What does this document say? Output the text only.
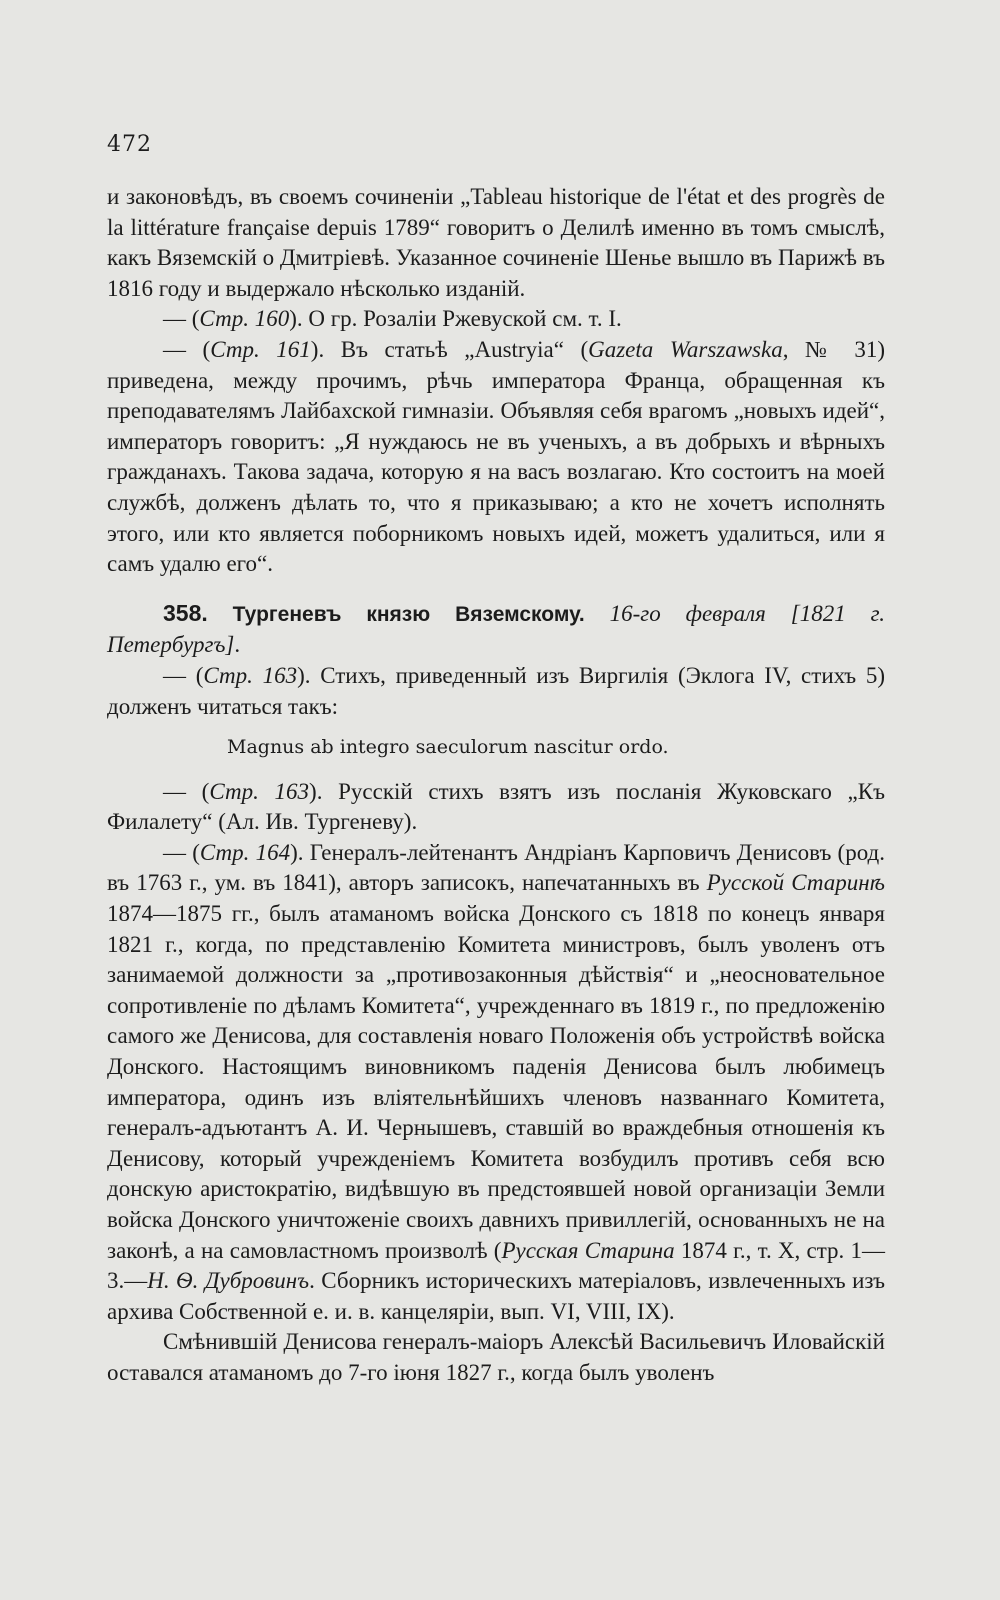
472

и законовѣдъ, въ своемъ сочиненіи „Tableau historique de l'état et des progrès de la littérature française depuis 1789“ говоритъ о Делилѣ именно въ томъ смыслѣ, какъ Вяземскій о Дмитріевѣ. Указанное сочиненіе Шенье вышло въ Парижѣ въ 1816 году и выдержало нѣсколько изданій.

— (Стр. 160). О гр. Розаліи Ржевуской см. т. I.

— (Стр. 161). Въ статьѣ „Austryia“ (Gazeta Warszawska, № 31) приведена, между прочимъ, рѣчь императора Франца, обращенная къ преподавателямъ Лайбахской гимназіи. Объявляя себя врагомъ „новыхъ идей“, императоръ говоритъ: „Я нуждаюсь не въ ученыхъ, а въ добрыхъ и вѣрныхъ гражданахъ. Такова задача, которую я на васъ возлагаю. Кто состоитъ на моей службѣ, долженъ дѣлать то, что я приказываю; а кто не хочетъ исполнять этого, или кто является поборникомъ новыхъ идей, можетъ удалиться, или я самъ удалю его“.

358. Тургеневъ князю Вяземскому. 16-го февраля [1821 г. Петербургъ].

— (Стр. 163). Стихъ, приведенный изъ Виргилія (Эклога IV, стихъ 5) долженъ читаться такъ:

Magnus ab integro saeculorum nascitur ordo.

— (Стр. 163). Русскій стихъ взятъ изъ посланія Жуковскаго „Къ Филалету“ (Ал. Ив. Тургеневу).

— (Стр. 164). Генералъ-лейтенантъ Андріанъ Карповичъ Денисовъ (род. въ 1763 г., ум. въ 1841), авторъ записокъ, напечатанныхъ въ Русской Старинѣ 1874—1875 гг., былъ атаманомъ войска Донского съ 1818 по конецъ января 1821 г., когда, по представленію Комитета министровъ, былъ уволенъ отъ занимаемой должности за „противозаконныя дѣйствія“ и „неосновательное сопротивленіе по дѣламъ Комитета“, учрежденнаго въ 1819 г., по предложенію самого же Денисова, для составленія новаго Положенія объ устройствѣ войска Донского. Настоящимъ виновникомъ паденія Денисова былъ любимецъ императора, одинъ изъ вліятельнѣйшихъ членовъ названнаго Комитета, генералъ-адъютантъ А. И. Чернышевъ, ставшій во враждебныя отношенія къ Денисову, который учрежденіемъ Комитета возбудилъ противъ себя всю донскую аристократію, видѣвшую въ предстоявшей новой организаціи Земли войска Донского уничтоженіе своихъ давнихъ привиллегій, основанныхъ не на законѣ, а на самовластномъ произволѣ (Русская Старина 1874 г., т. X, стр. 1—3.—Н. Ѳ. Дубровинъ. Сборникъ историческихъ матеріаловъ, извлеченныхъ изъ архива Собственной е. и. в. канцеляріи, вып. VI, VIII, IX).

Смѣнившій Денисова генералъ-маіоръ Алексѣй Васильевичъ Иловайскій оставался атаманомъ до 7-го іюня 1827 г., когда былъ уволенъ
